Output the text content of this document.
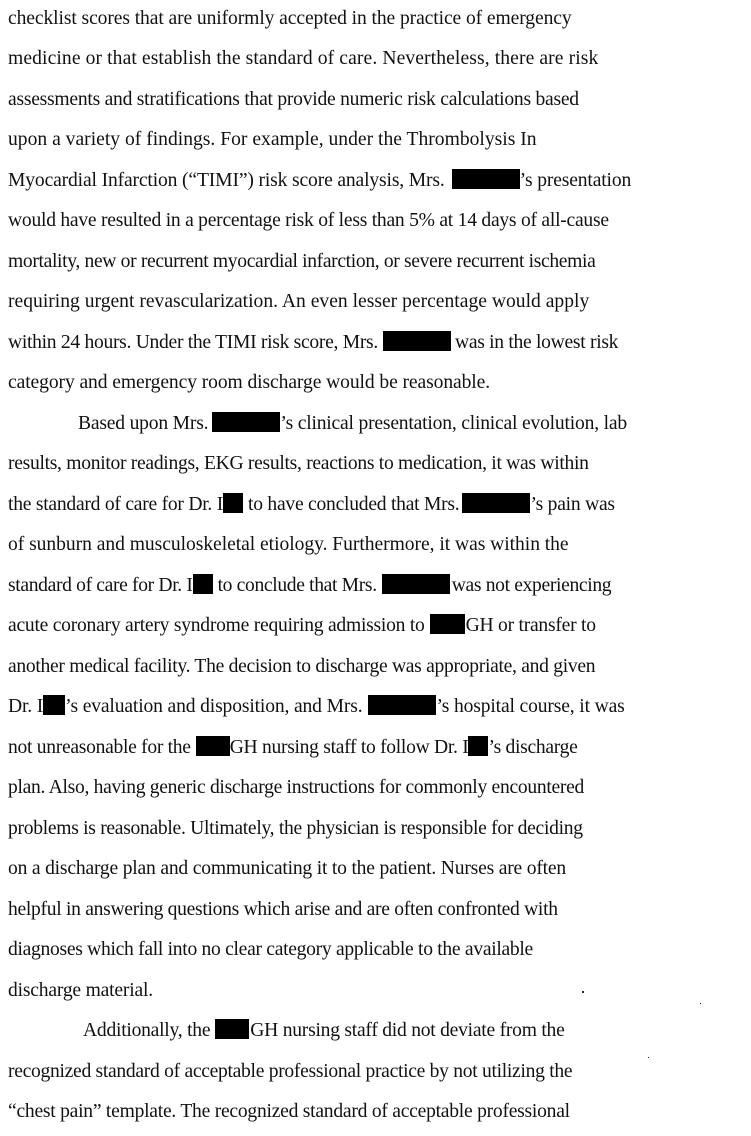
checklist scores that are uniformly accepted in the practice of emergency
medicine or that establish the standard of care. Nevertheless, there are risk
assessments and stratifications that provide numeric risk calculations based
upon a variety of findings. For example, under the Thrombolysis In
Myocardial Infarction (“TIMI”) risk score analysis, Mrs.	’s presentation
would have resulted in a percentage risk of less than 5% at 14 days of all-cause
mortality, new or recurrent myocardial infarction, or severe recurrent ischemia
requiring urgent revascularization. An even lesser percentage would apply
within 24 hours. Under the TIMI risk score, Mrs.	was in the lowest risk
category and emergency room discharge would be reasonable.
Based upon Mrs.	’s clinical presentation, clinical evolution, lab
results, monitor readings, EKG results, reactions to medication, it was within
the standard of care for Dr. I to have concluded that Mrs.	’s pain was
of sunburn and musculoskeletal etiology. Furthermore, it was within the
standard of care for Dr. I to conclude that Mrs.	was not experiencing
acute coronary artery syndrome requiring admission to GH or transfer to
another medical facility. The decision to discharge was appropriate, and given
Dr. I ’s evaluation and disposition, and Mrs.	’s hospital course, it was
not unreasonable for the GH nursing staff to follow Dr. I ’s discharge
plan. Also, having generic discharge instructions for commonly encountered
problems is reasonable. Ultimately, the physician is responsible for deciding
on a discharge plan and communicating it to the patient. Nurses are often
helpful in answering questions which arise and are often confronted with
diagnoses which fall into no clear category applicable to the available
discharge material.
Additionally, the GH nursing staff did not deviate from the
recognized standard of acceptable professional practice by not utilizing the
“chest pain” template. The recognized standard of acceptable professional
